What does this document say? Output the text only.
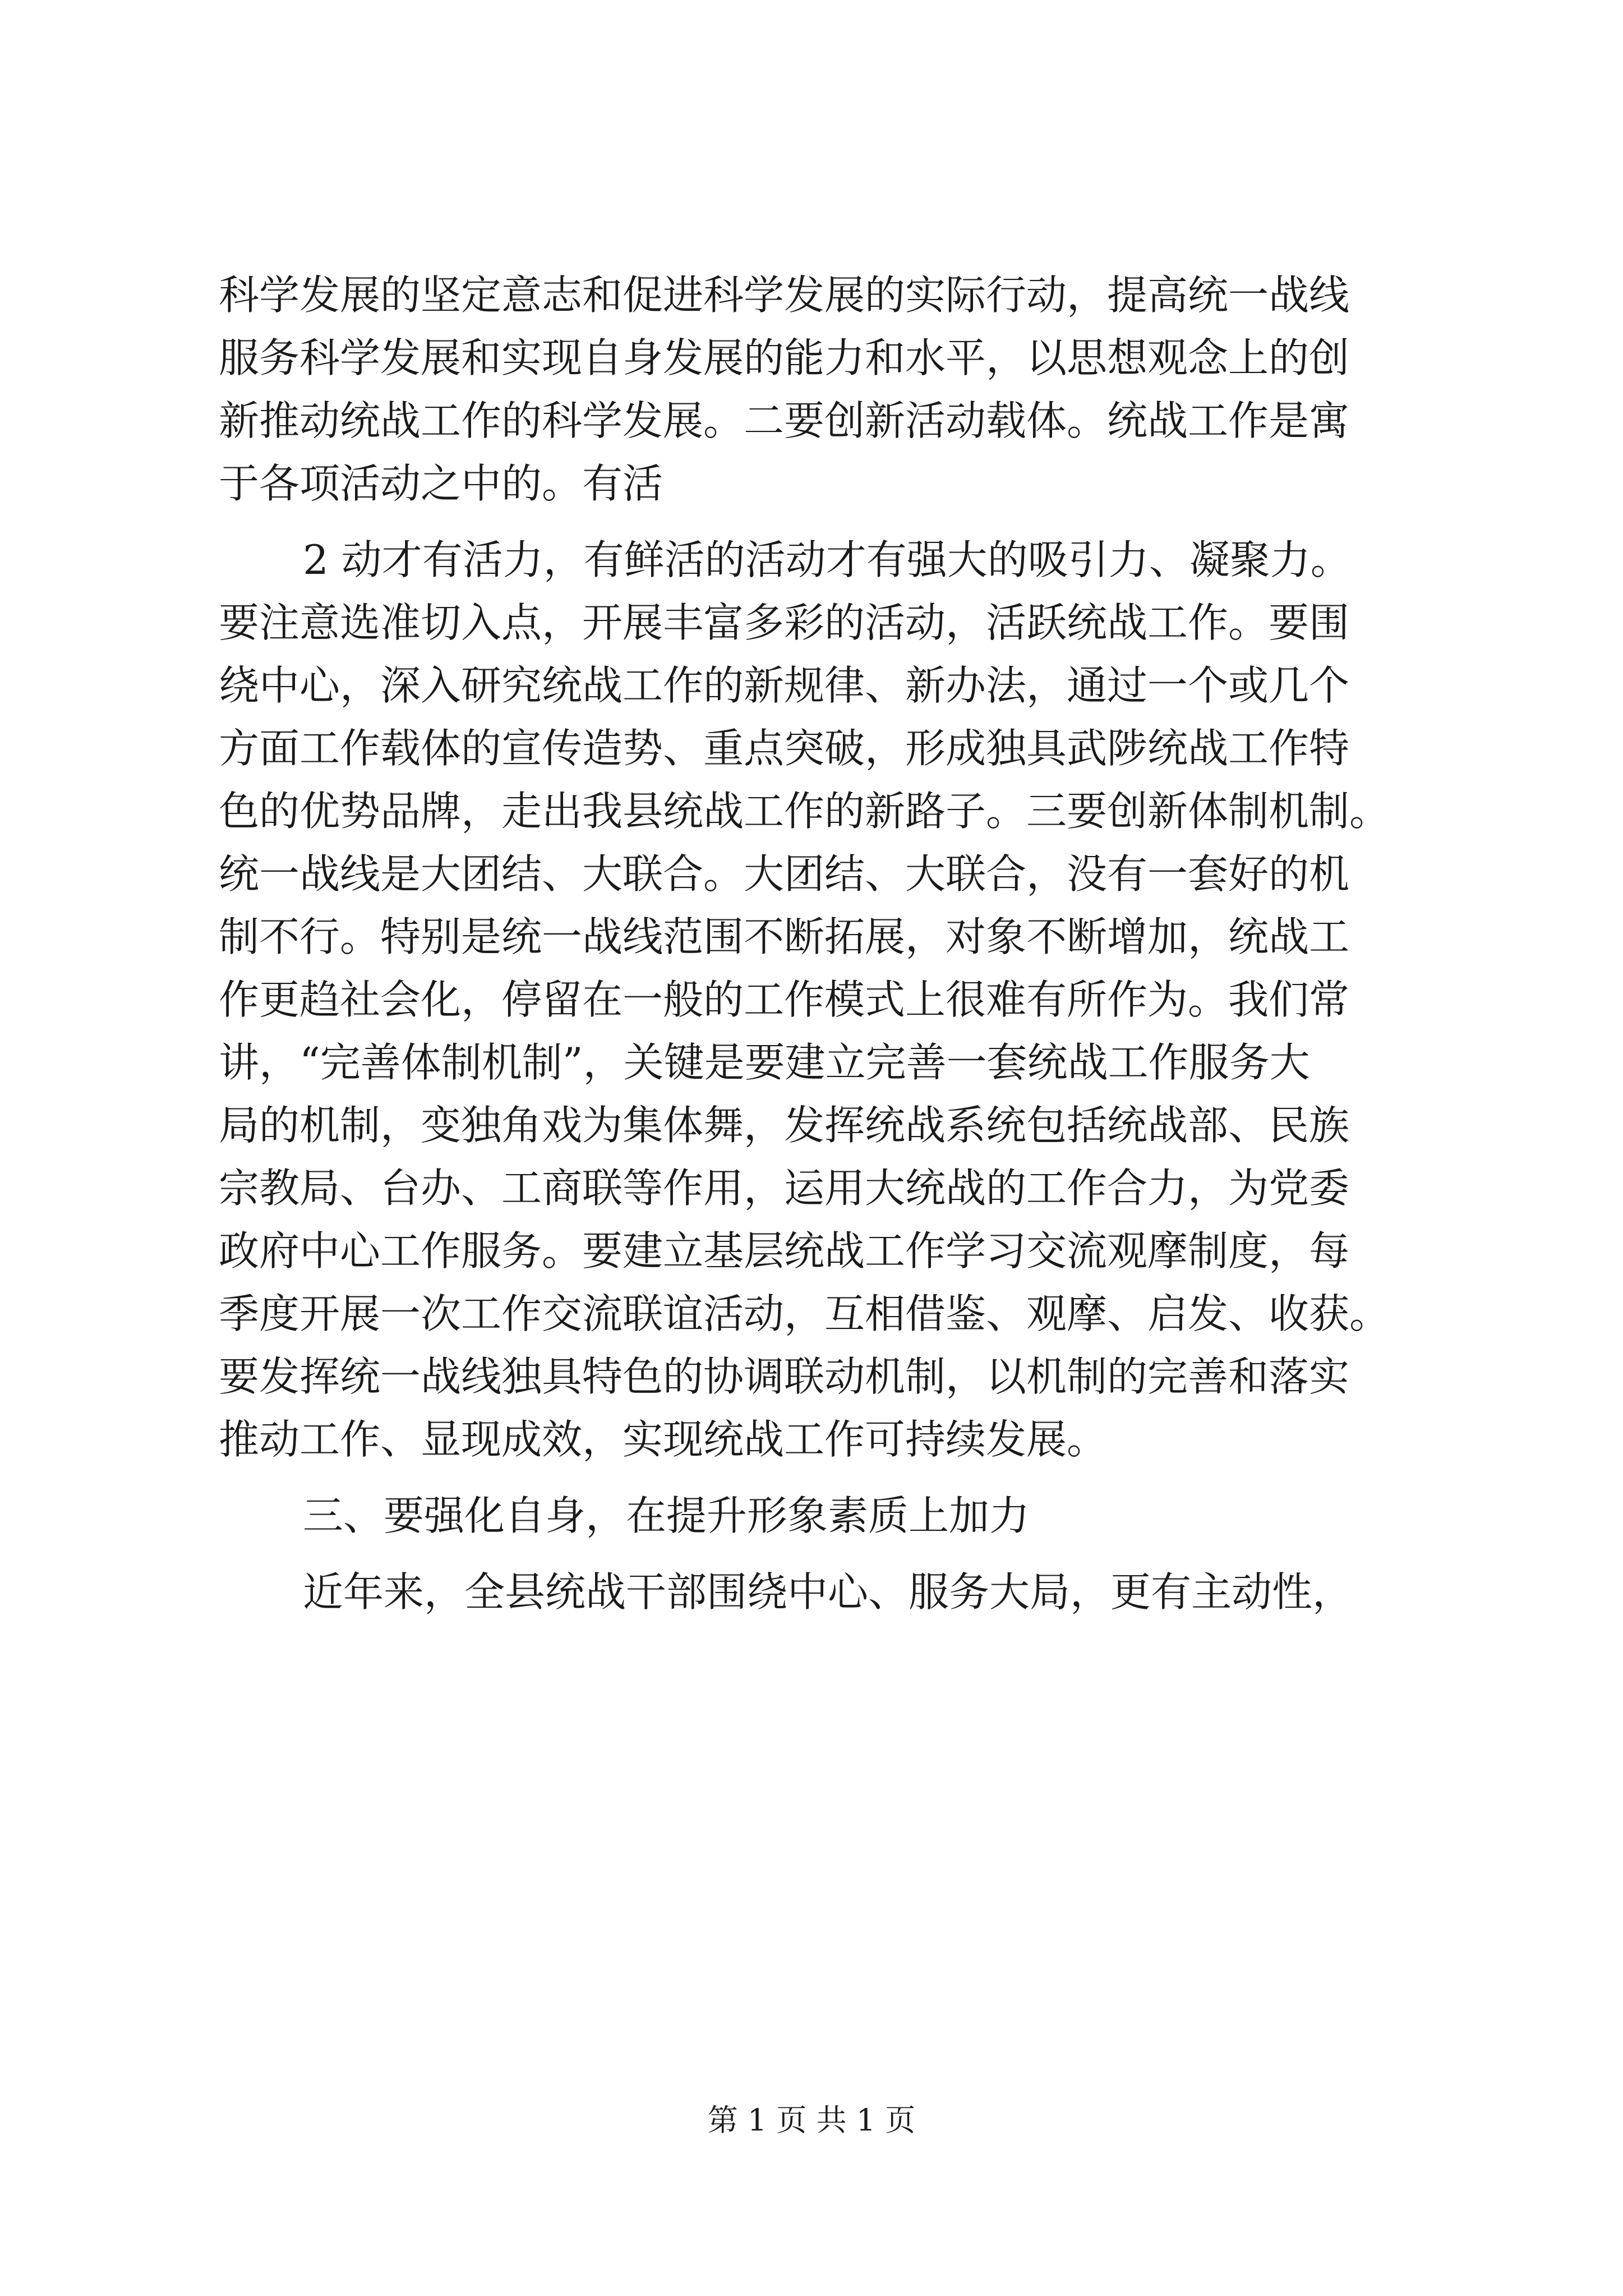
科学发展的坚定意志和促进科学发展的实际行动，提高统一战线
服务科学发展和实现自身发展的能力和水平，以思想观念上的创
新推动统战工作的科学发展。二要创新活动载体。统战工作是寓
于各项活动之中的。有活
2 动才有活力，有鲜活的活动才有强大的吸引力、凝聚力。
要注意选准切入点，开展丰富多彩的活动，活跃统战工作。要围
绕中心，深入研究统战工作的新规律、新办法，通过一个或几个
方面工作载体的宣传造势、重点突破，形成独具武陟统战工作特
色的优势品牌，走出我县统战工作的新路子。三要创新体制机制。
统一战线是大团结、大联合。大团结、大联合，没有一套好的机
制不行。特别是统一战线范围不断拓展，对象不断增加，统战工
作更趋社会化，停留在一般的工作模式上很难有所作为。我们常
讲，“完善体制机制”，关键是要建立完善一套统战工作服务大
局的机制，变独角戏为集体舞，发挥统战系统包括统战部、民族
宗教局、台办、工商联等作用，运用大统战的工作合力，为党委
政府中心工作服务。要建立基层统战工作学习交流观摩制度，每
季度开展一次工作交流联谊活动，互相借鉴、观摩、启发、收获。
要发挥统一战线独具特色的协调联动机制，以机制的完善和落实
推动工作、显现成效，实现统战工作可持续发展。
三、要强化自身，在提升形象素质上加力
近年来，全县统战干部围绕中心、服务大局，更有主动性，
第 1 页 共 1 页
